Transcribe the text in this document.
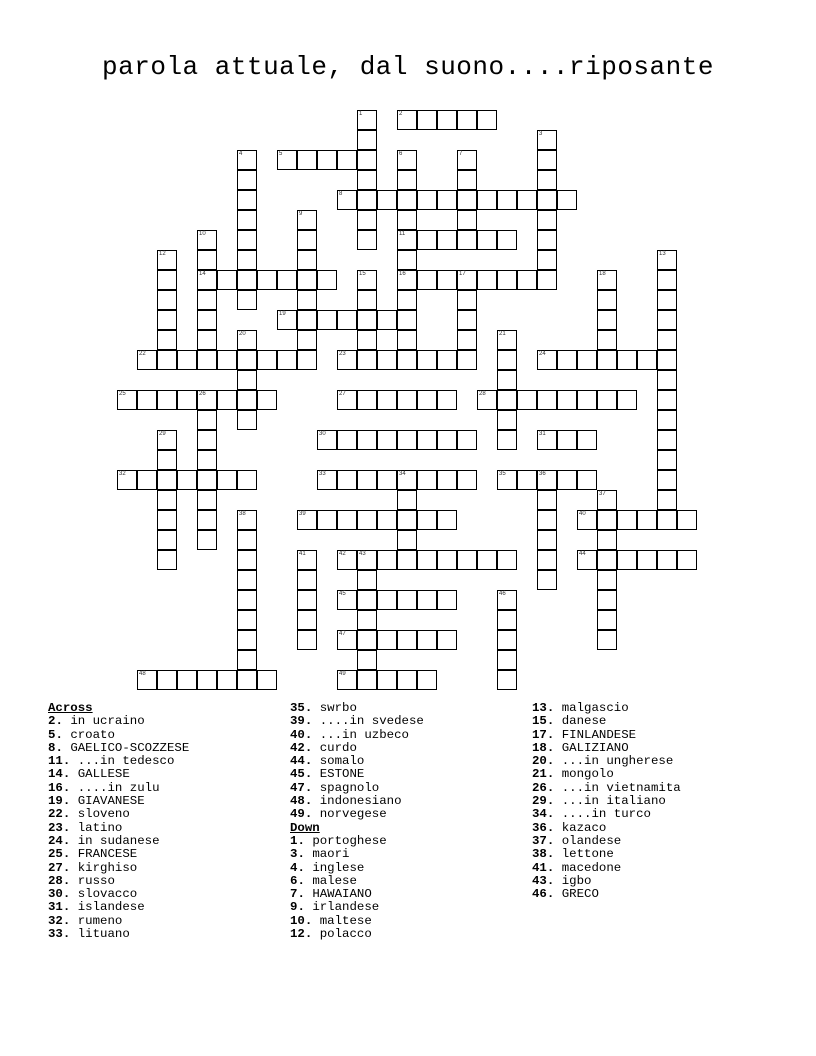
parola attuale, dal suono....riposante
1	2
3
4	5	6
11
16
7
8
9
10
14
12	13
15	17	18
19
20	21
22	23	24
25	26	27	28
29	30	31
32	33	34	35	36
37
38	39	40
41	42 43	44
45	46
47
48	49
Across
2. in ucraino
5. croato
8. GAELICO-SCOZZESE
11. ...in tedesco
14. GALLESE
16. ....in zulu
19. GIAVANESE
22. sloveno
23. latino
24. in sudanese
25. FRANCESE
27. kirghiso
28. russo
30. slovacco
31. islandese
32. rumeno
33. lituano
35. swrbo
39. ....in svedese
40. ...in uzbeco
42. curdo
44. somalo
45. ESTONE
47. spagnolo
48. indonesiano
49. norvegese
Down
1. portoghese
3. maori
4. inglese
6. malese
7. HAWAIANO
9. irlandese
10. maltese
12. polacco
13. malgascio
15. danese
17. FINLANDESE
18. GALIZIANO
20. ...in ungherese
21. mongolo
26. ...in vietnamita
29. ...in italiano
34. ....in turco
36. kazaco
37. olandese
38. lettone
41. macedone
43. igbo
46. GRECO
